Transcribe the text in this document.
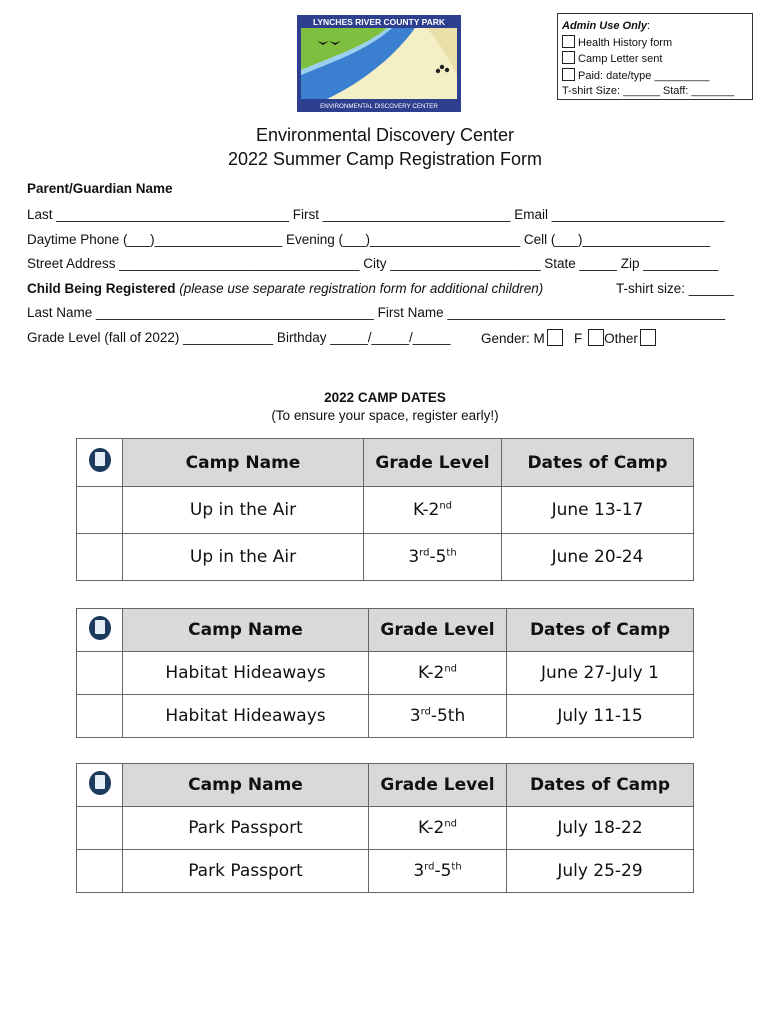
LYNCHES RIVER COUNTY PARK
ENVIRONMENTAL DISCOVERY CENTER
Admin Use Only:
Health History form
Camp Letter sent
Paid: date/type _________
T-shirt Size: ______ Staff: _______
Environmental Discovery Center
2022 Summer Camp Registration Form
Parent/Guardian Name
Last _______________________________ First _________________________ Email _______________________
Daytime Phone (___)_________________ Evening (___)____________________ Cell (___)_________________
Street Address ________________________________ City ____________________ State _____ Zip __________
Child Being Registered (please use separate registration form for additional children)	T-shirt size: ______
Last Name _____________________________________ First Name _____________________________________
Grade Level (fall of 2022) ____________ Birthday _____/_____/_____ Gender: M F Other
2022 CAMP DATES
(To ensure your space, register early!)
	Camp Name	Grade Level	Dates of Camp
	Up in the Air	K-2nd	June 13-17
	Up in the Air	3rd-5th	June 20-24
	Camp Name	Grade Level	Dates of Camp
	Habitat Hideaways	K-2nd	June 27-July 1
	Habitat Hideaways	3rd-5th	July 11-15
	Camp Name	Grade Level	Dates of Camp
	Park Passport	K-2nd	July 18-22
	Park Passport	3rd-5th	July 25-29
